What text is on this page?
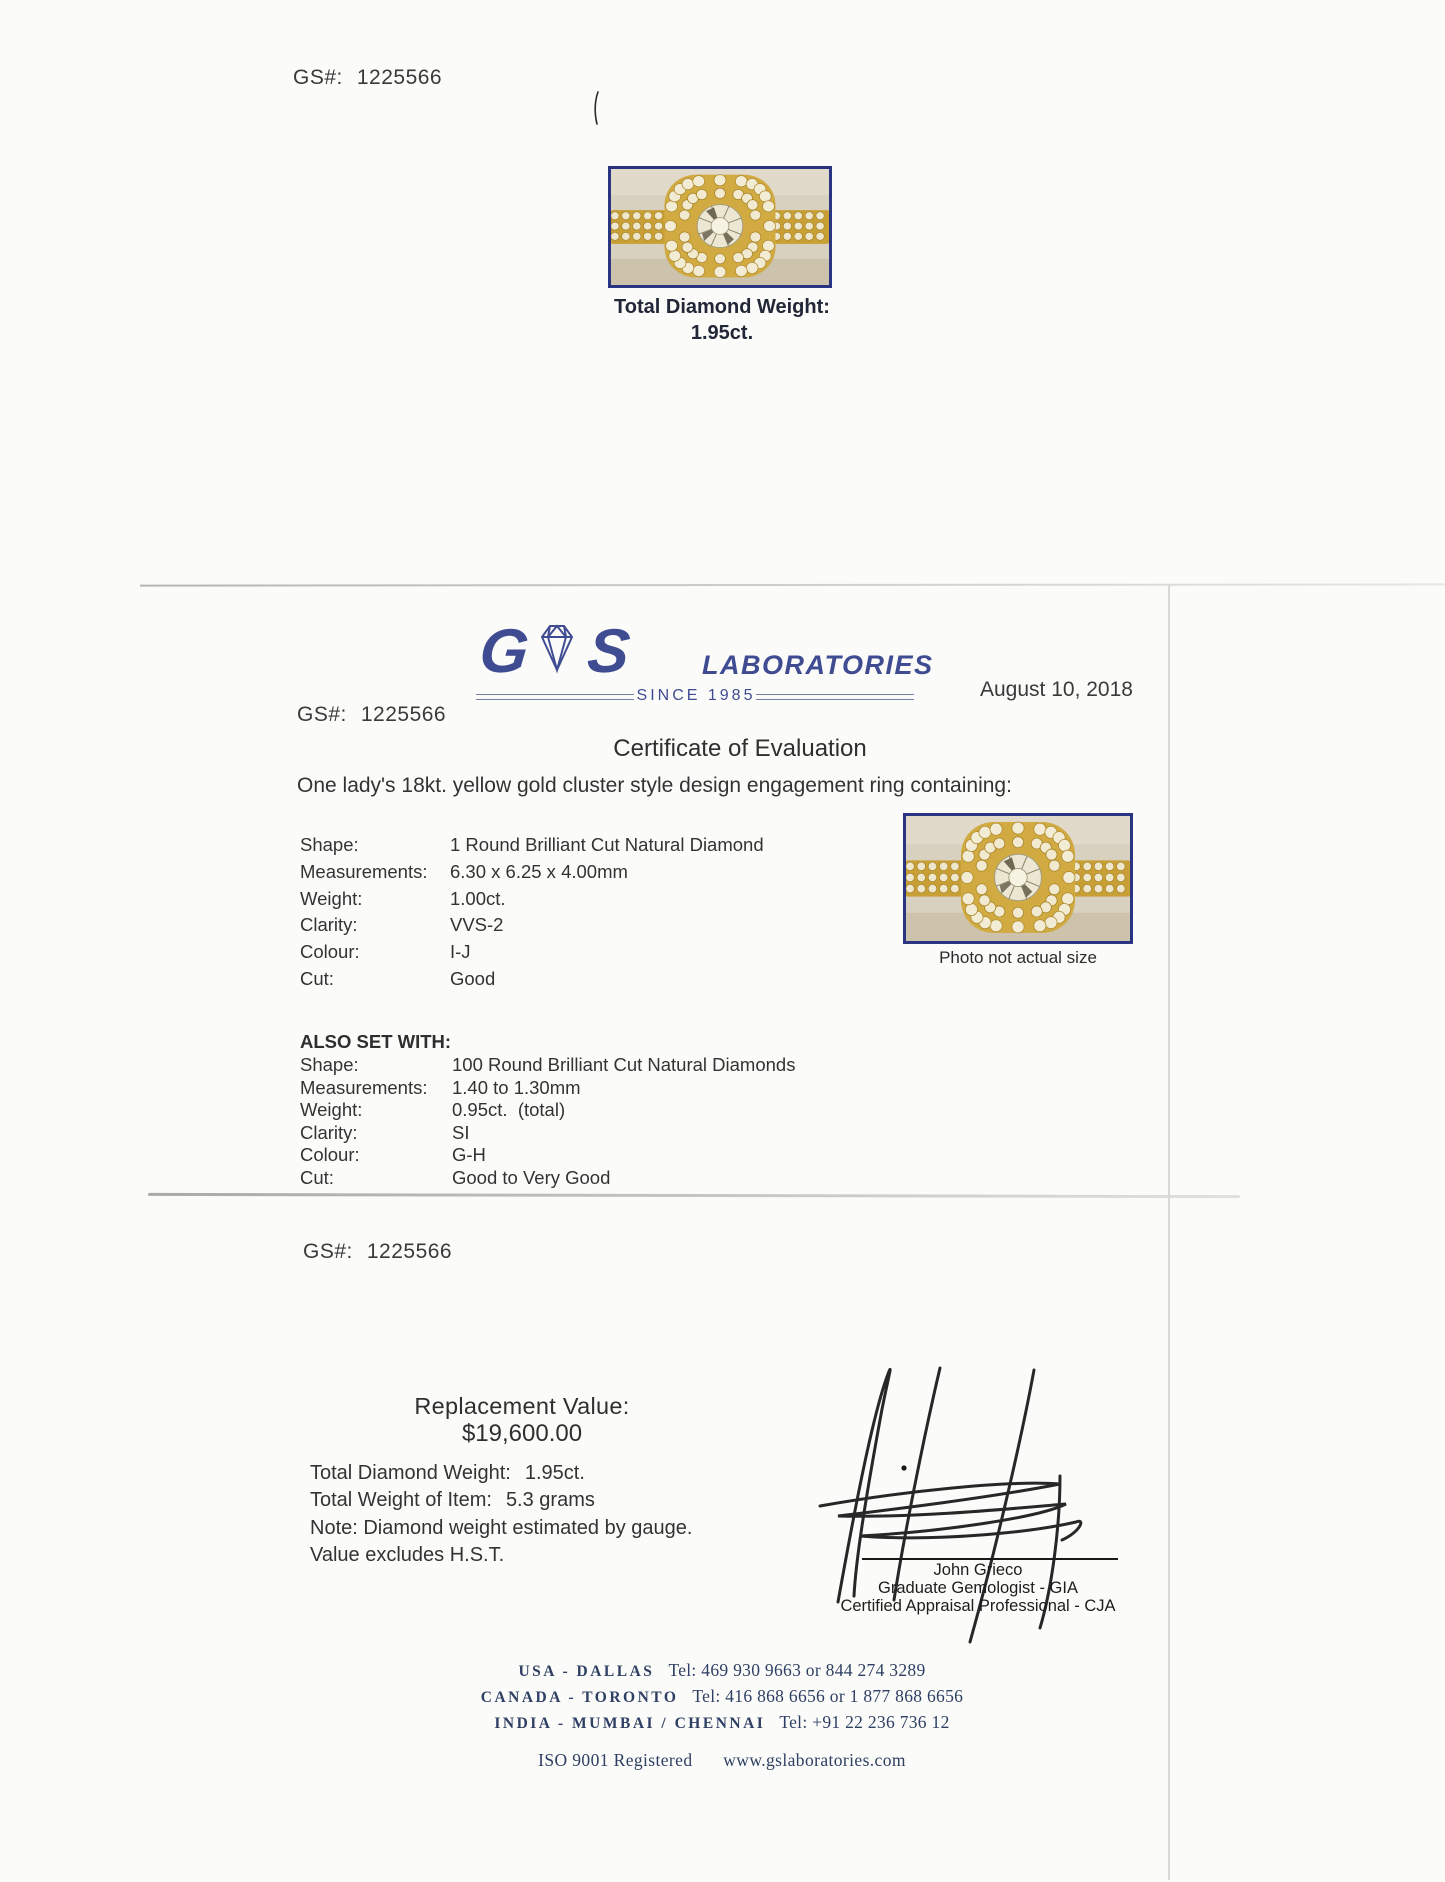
GS#: 1225566
Total Diamond Weight:
1.95ct.
G S	LABORATORIES
SINCE 1985	August 10, 2018
GS#: 1225566
Certificate of Evaluation
One lady's 18kt. yellow gold cluster style design engagement ring containing:
Shape:	1 Round Brilliant Cut Natural Diamond
Measurements: 6.30 x 6.25 x 4.00mm
Weight:	1.00ct.
Clarity:	VVS-2
Colour:	I-J
Cut:	Good
Photo not actual size
ALSO SET WITH:
Shape:	100 Round Brilliant Cut Natural Diamonds
Measurements: 1.40 to 1.30mm
Weight:	0.95ct.  (total)
Clarity:	SI
Colour:	G-H
Cut:	Good to Very Good
GS#: 1225566
Replacement Value:
$19,600.00
Total Diamond Weight: 1.95ct.
Total Weight of Item: 5.3 grams
Note: Diamond weight estimated by gauge.
Value excludes H.S.T.
John Grieco
Graduate Gemologist - GIA
Certified Appraisal Professional - CJA
USA - DALLAS Tel: 469 930 9663 or 844 274 3289
CANADA - TORONTO Tel: 416 868 6656 or 1 877 868 6656
INDIA - MUMBAI / CHENNAI Tel: +91 22 236 736 12
ISO 9001 Registered www.gslaboratories.com
